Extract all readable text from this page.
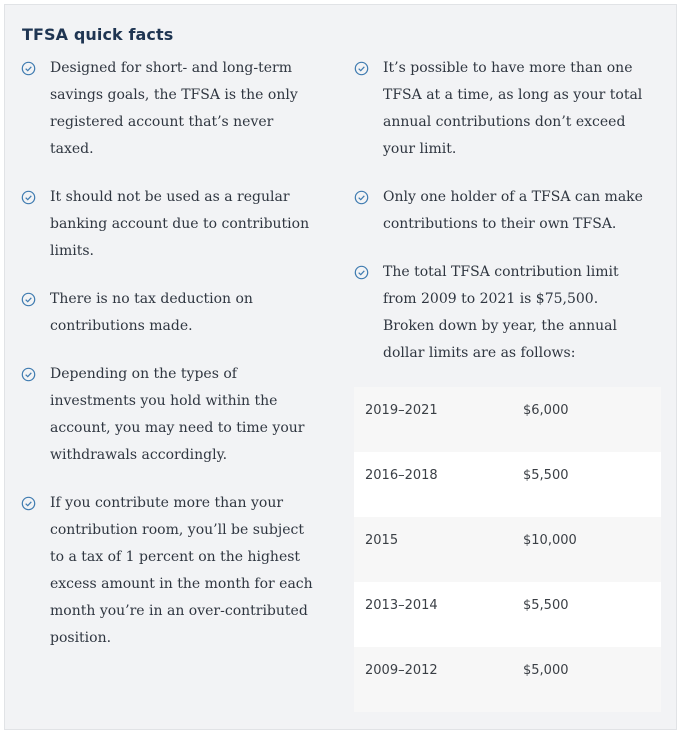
TFSA quick facts
Designed for short- and long-term savings goals, the TFSA is the only registered account that’s never taxed.
It should not be used as a regular banking account due to contribution limits.
There is no tax deduction on contributions made.
Depending on the types of investments you hold within the account, you may need to time your withdrawals accordingly.
If you contribute more than your contribution room, you’ll be subject to a tax of 1 percent on the highest excess amount in the month for each month you’re in an over-contributed position.
It’s possible to have more than one TFSA at a time, as long as your total annual contributions don’t exceed your limit.
Only one holder of a TFSA can make contributions to their own TFSA.
The total TFSA contribution limit from 2009 to 2021 is $75,500. Broken down by year, the annual dollar limits are as follows:
2019–2021	$6,000
2016–2018	$5,500
2015	$10,000
2013–2014	$5,500
2009–2012	$5,000
